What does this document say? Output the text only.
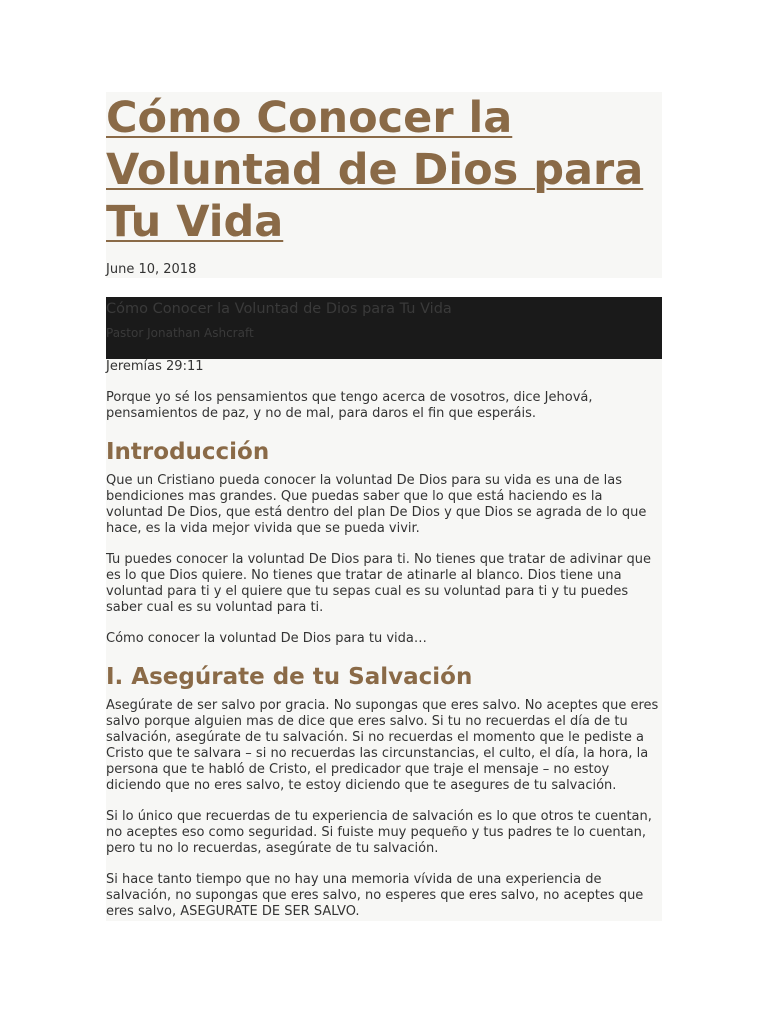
Cómo Conocer la Voluntad de Dios para Tu Vida
June 10, 2018
Cómo Conocer la Voluntad de Dios para Tu Vida
Pastor Jonathan Ashcraft

Jeremías 29:11

Porque yo sé los pensamientos que tengo acerca de vosotros, dice Jehová, pensamientos de paz, y no de mal, para daros el fin que esperáis.

Introducción

Que un Cristiano pueda conocer la voluntad De Dios para su vida es una de las bendiciones mas grandes. Que puedas saber que lo que está haciendo es la voluntad De Dios, que está dentro del plan De Dios y que Dios se agrada de lo que hace, es la vida mejor vivida que se pueda vivir.

Tu puedes conocer la voluntad De Dios para ti. No tienes que tratar de adivinar que es lo que Dios quiere. No tienes que tratar de atinarle al blanco. Dios tiene una voluntad para ti y el quiere que tu sepas cual es su voluntad para ti y tu puedes saber cual es su voluntad para ti.

Cómo conocer la voluntad De Dios para tu vida…

I. Asegúrate de tu Salvación

Asegúrate de ser salvo por gracia. No supongas que eres salvo. No aceptes que eres salvo porque alguien mas de dice que eres salvo. Si tu no recuerdas el día de tu salvación, asegúrate de tu salvación. Si no recuerdas el momento que le pediste a Cristo que te salvara – si no recuerdas las circunstancias, el culto, el día, la hora, la persona que te habló de Cristo, el predicador que traje el mensaje – no estoy diciendo que no eres salvo, te estoy diciendo que te asegures de tu salvación.

Si lo único que recuerdas de tu experiencia de salvación es lo que otros te cuentan, no aceptes eso como seguridad. Si fuiste muy pequeño y tus padres te lo cuentan, pero tu no lo recuerdas, asegúrate de tu salvación.

Si hace tanto tiempo que no hay una memoria vívida de una experiencia de salvación, no supongas que eres salvo, no esperes que eres salvo, no aceptes que eres salvo, ASEGURATE DE SER SALVO.
